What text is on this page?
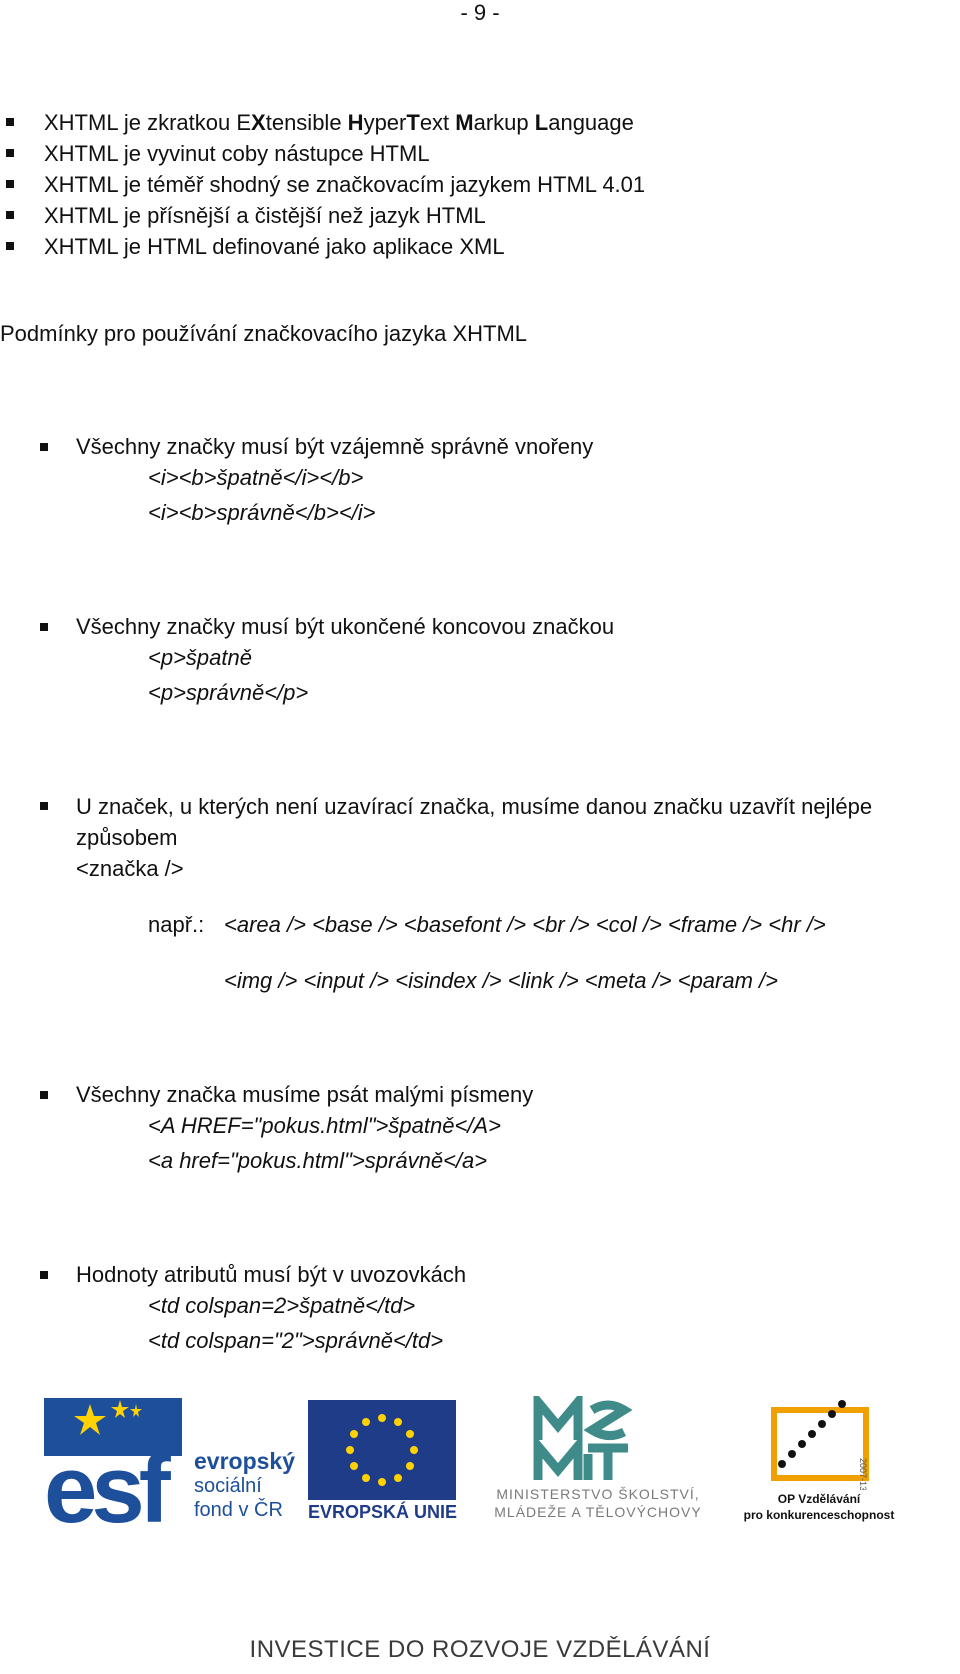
- 9 -
XHTML je zkratkou EXtensible HyperText Markup Language
XHTML je vyvinut coby nástupce HTML
XHTML je téměř shodný se značkovacím jazykem HTML 4.01
XHTML je přísnější a čistější než jazyk HTML
XHTML je HTML definované jako aplikace XML
Podmínky pro používání značkovacího jazyka XHTML
Všechny značky musí být vzájemně správně vnořeny
<i><b>špatně</i></b>
<i><b>správně</b></i>
Všechny značky musí být ukončené koncovou značkou
<p>špatně
<p>správně</p>
U značek, u kterých není uzavírací značka, musíme danou značku uzavřít nejlépe
způsobem
<značka />
např.: <area /> <base /> <basefont /> <br /> <col /> <frame /> <hr />
<img /> <input /> <isindex /> <link /> <meta /> <param />
Všechny značka musíme psát malými písmeny
<A HREF="pokus.html">špatně</A>
<a href="pokus.html">správně</a>
Hodnoty atributů musí být v uvozovkách
<td colspan=2>špatně</td>
<td colspan="2">správně</td>
esf	evropský
sociální
fond v ČR EVROPSKÁ UNIE
MINISTERSTVO ŠKOLSTVÍ,
MLÁDEŽE A TĚLOVÝCHOVY
2007-13
OP Vzdělávání
pro konkurenceschopnost
INVESTICE DO ROZVOJE VZDĚLÁVÁNÍ
